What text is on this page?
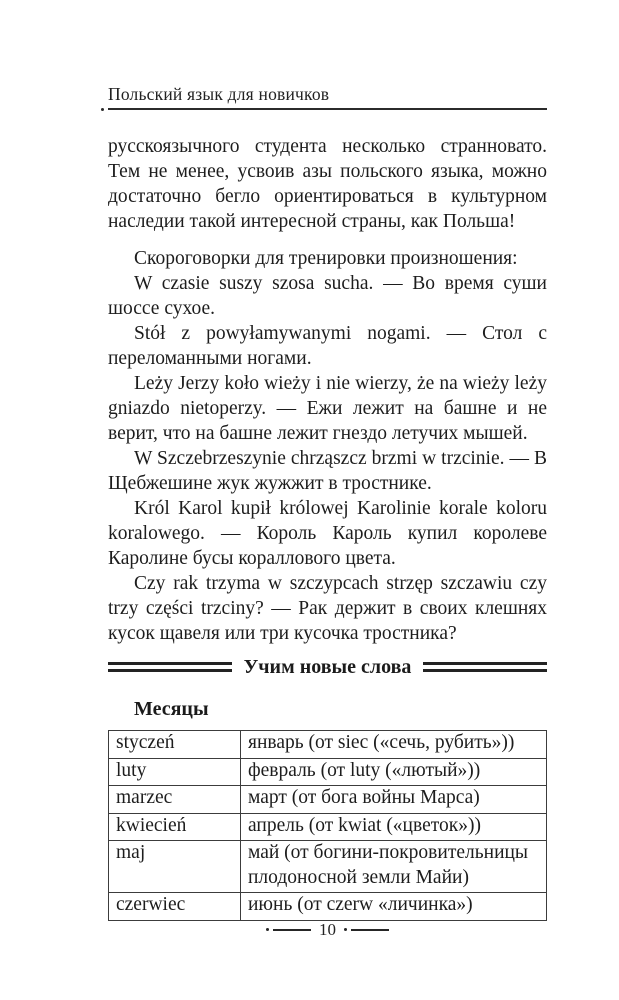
Польский язык для новичков

русскоязычного студента несколько странновато. Тем не менее, усвоив азы польского языка, можно достаточно бегло ориентироваться в культурном наследии такой интересной страны, как Польша!

Скороговорки для тренировки произношения:

W czasie suszy szosa sucha. — Во время суши шоссе сухое.

Stół z powyłamywanymi nogami. — Стол с переломанными ногами.

Leży Jerzy koło wieży i nie wierzy, że na wieży leży gniazdo nietoperzy. — Ежи лежит на башне и не верит, что на башне лежит гнездо летучих мышей.

W Szczebrzeszynie chrząszcz brzmi w trzcinie. — В Щебжешине жук жужжит в тростнике.

Król Karol kupił królowej Karolinie korale koloru koralowego. — Король Кароль купил королеве Каролине бусы кораллового цвета.

Czy rak trzyma w szczypcach strzęp szczawiu czy trzy części trzciny? — Рак держит в своих клешнях кусок щавеля или три кусочка тростника?

Учим новые слова
Месяцы
styczeń	январь (от siec («сечь, рубить»))
luty	февраль (от luty («лютый»))
marzec	март (от бога войны Марса)
kwiecień	апрель (от kwiat («цветок»))
maj	май (от богини-покровительницы плодоносной земли Майи)
czerwiec	июнь (от czerw «личинка»)
10
